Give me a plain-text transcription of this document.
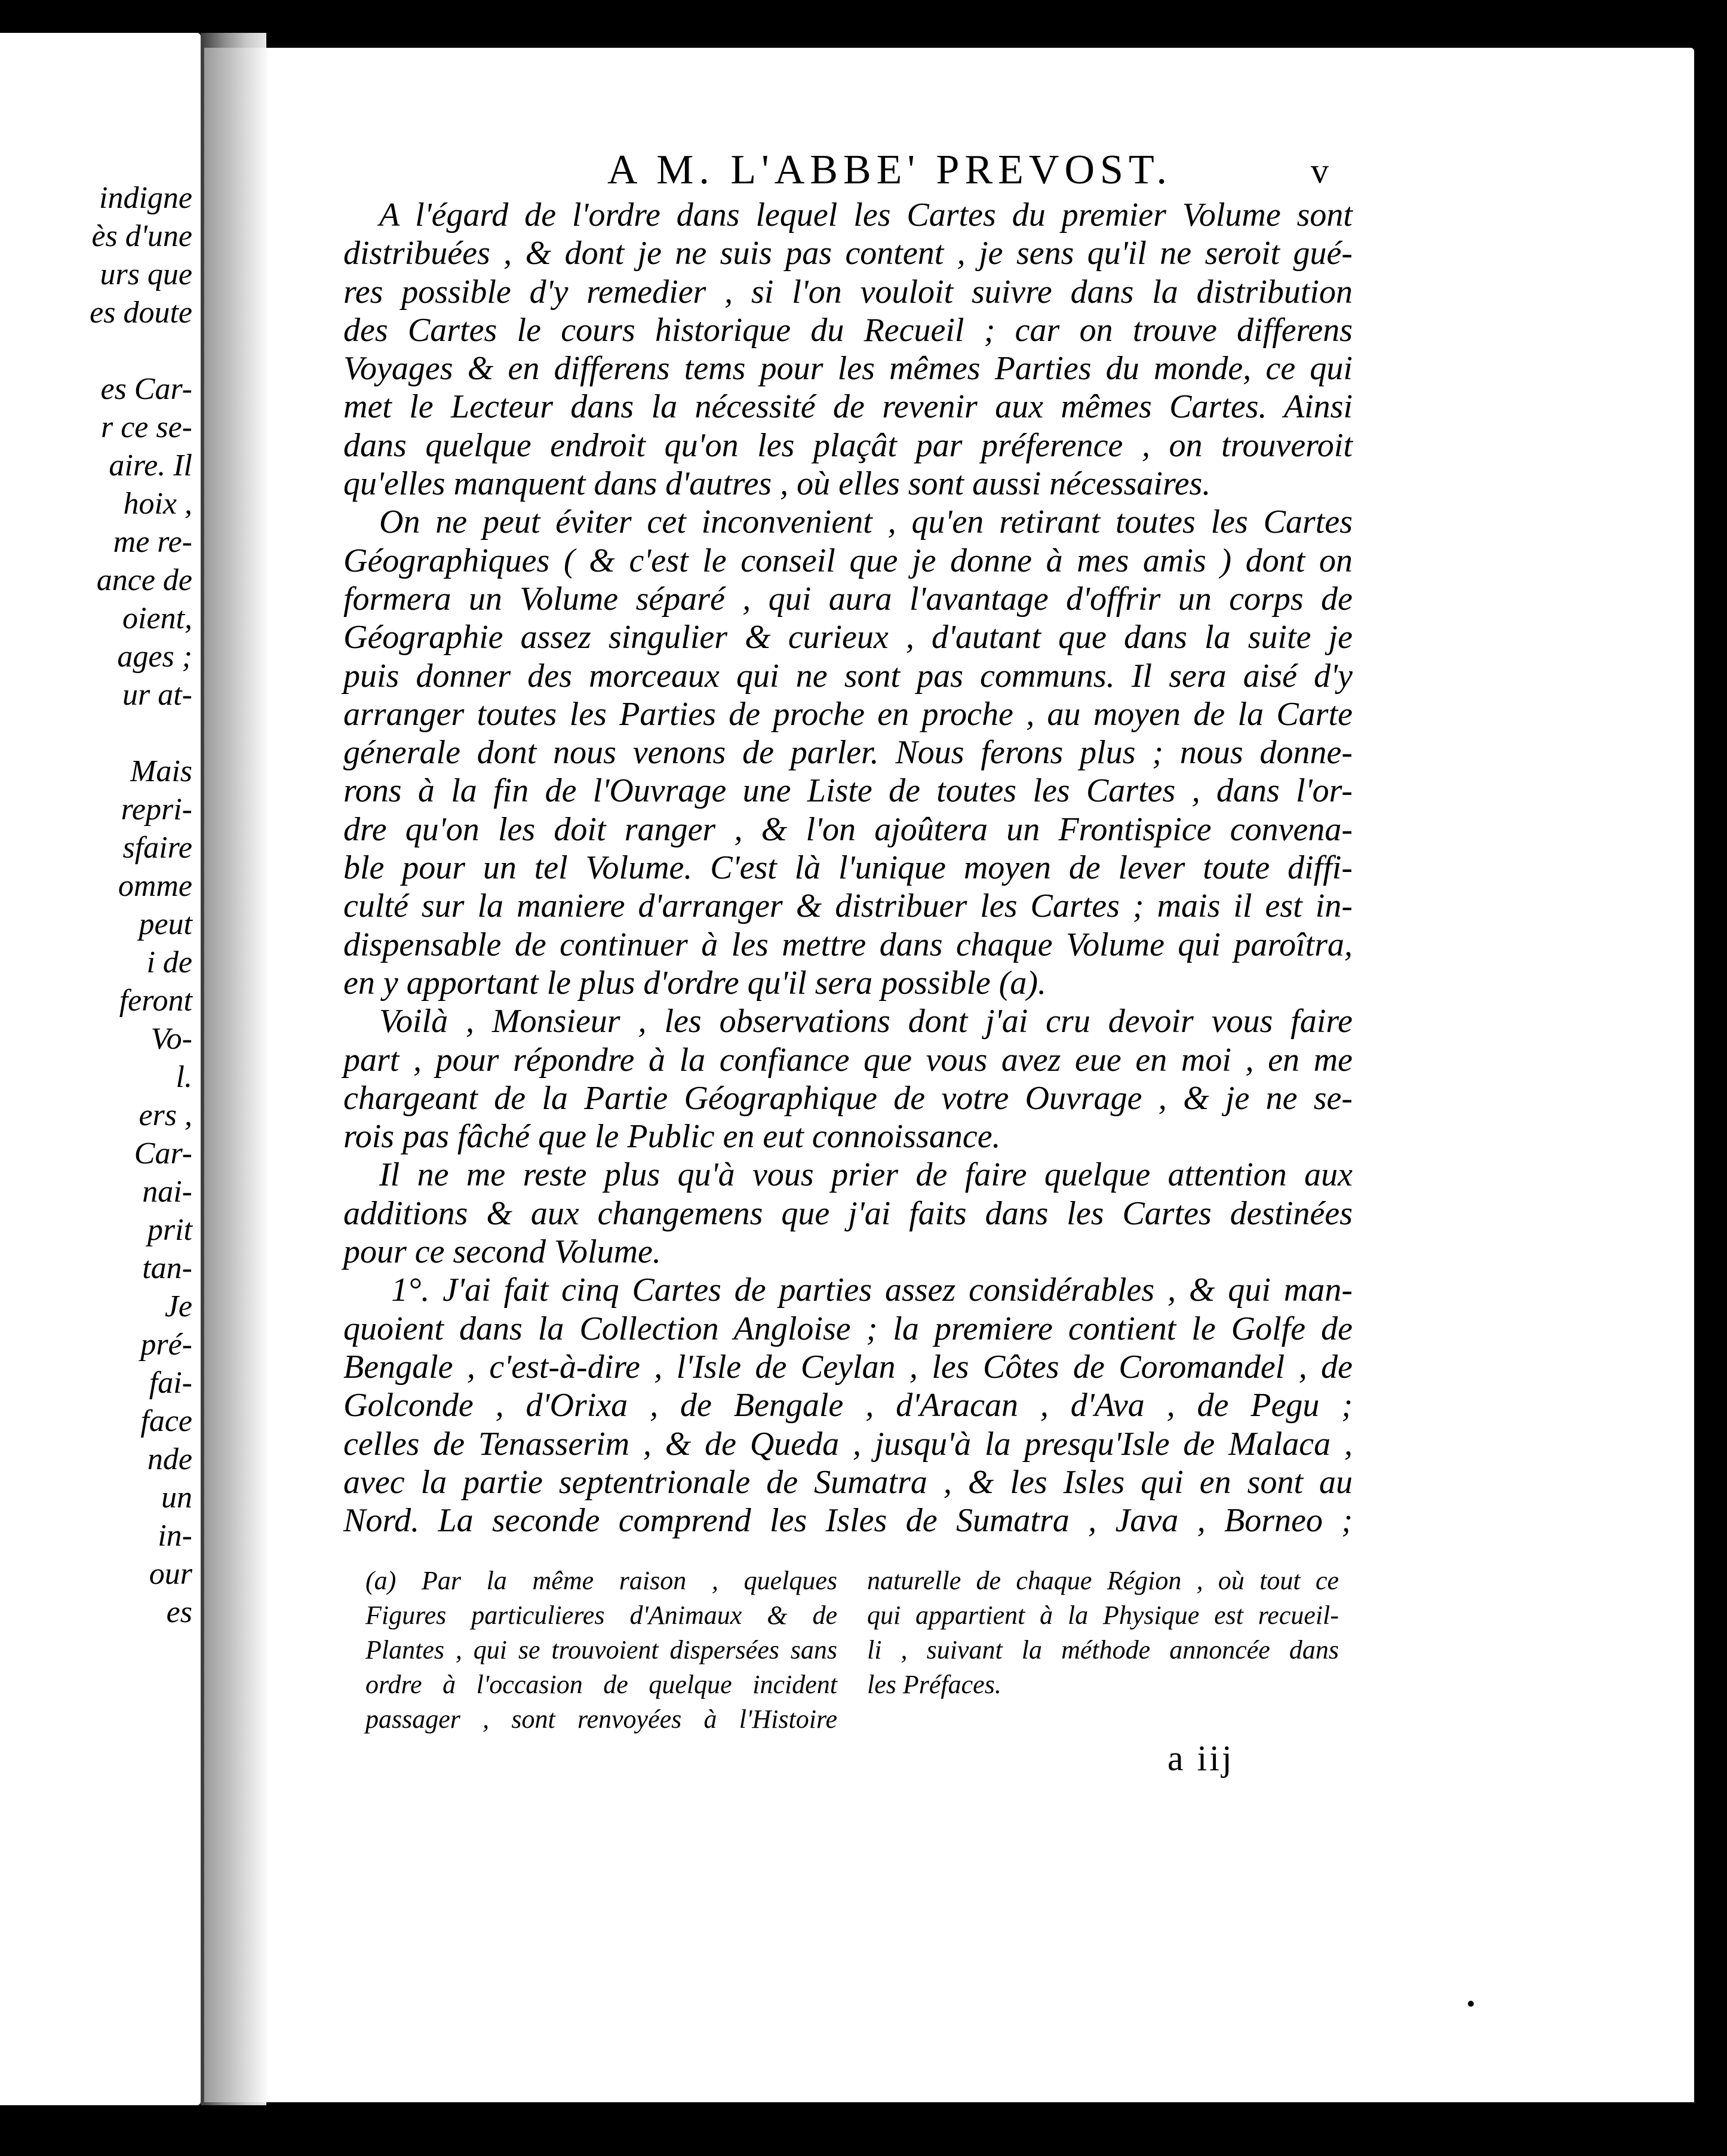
indigne
ès d'une
urs que
es doute
es Car-
r ce se-
aire. Il
hoix ,
me re-
ance de
oient,
ages ;
ur at-
Mais
repri-
sfaire
omme
peut
i de
feront
Vo-
l.
ers ,
Car-
nai-
prit
tan-
Je
pré-
fai-
face
nde
un
in-
our
es
A M. L'ABBE' PREVOST.	v
A l'égard de l'ordre dans lequel les Cartes du premier Volume sont
distribuées , & dont je ne suis pas content , je sens qu'il ne seroit gué-
res possible d'y remedier , si l'on vouloit suivre dans la distribution
des Cartes le cours historique du Recueil ; car on trouve differens
Voyages & en differens tems pour les mêmes Parties du monde, ce qui
met le Lecteur dans la nécessité de revenir aux mêmes Cartes. Ainsi
dans quelque endroit qu'on les plaçât par préference , on trouveroit
qu'elles manquent dans d'autres , où elles sont aussi nécessaires.
On ne peut éviter cet inconvenient , qu'en retirant toutes les Cartes
Géographiques ( & c'est le conseil que je donne à mes amis ) dont on
formera un Volume séparé , qui aura l'avantage d'offrir un corps de
Géographie assez singulier & curieux , d'autant que dans la suite je
puis donner des morceaux qui ne sont pas communs. Il sera aisé d'y
arranger toutes les Parties de proche en proche , au moyen de la Carte
génerale dont nous venons de parler. Nous ferons plus ; nous donne-
rons à la fin de l'Ouvrage une Liste de toutes les Cartes , dans l'or-
dre qu'on les doit ranger , & l'on ajoûtera un Frontispice convena-
ble pour un tel Volume. C'est là l'unique moyen de lever toute diffi-
culté sur la maniere d'arranger & distribuer les Cartes ; mais il est in-
dispensable de continuer à les mettre dans chaque Volume qui paroîtra,
en y apportant le plus d'ordre qu'il sera possible (a).
Voilà , Monsieur , les observations dont j'ai cru devoir vous faire
part , pour répondre à la confiance que vous avez eue en moi , en me
chargeant de la Partie Géographique de votre Ouvrage , & je ne se-
rois pas fâché que le Public en eut connoissance.
Il ne me reste plus qu'à vous prier de faire quelque attention aux
additions & aux changemens que j'ai faits dans les Cartes destinées
pour ce second Volume.
1°. J'ai fait cinq Cartes de parties assez considérables , & qui man-
quoient dans la Collection Angloise ; la premiere contient le Golfe de
Bengale , c'est-à-dire , l'Isle de Ceylan , les Côtes de Coromandel , de
Golconde , d'Orixa , de Bengale , d'Aracan , d'Ava , de Pegu ;
celles de Tenasserim , & de Queda , jusqu'à la presqu'Isle de Malaca ,
avec la partie septentrionale de Sumatra , & les Isles qui en sont au
Nord. La seconde comprend les Isles de Sumatra , Java , Borneo ;
(a) Par la même raison , quelques
Figures particulieres d'Animaux & de
Plantes , qui se trouvoient dispersées sans
ordre à l'occasion de quelque incident
passager , sont renvoyées à l'Histoire
naturelle de chaque Région , où tout ce
qui appartient à la Physique est recueil-
li , suivant la méthode annoncée dans
les Préfaces.
a iij
